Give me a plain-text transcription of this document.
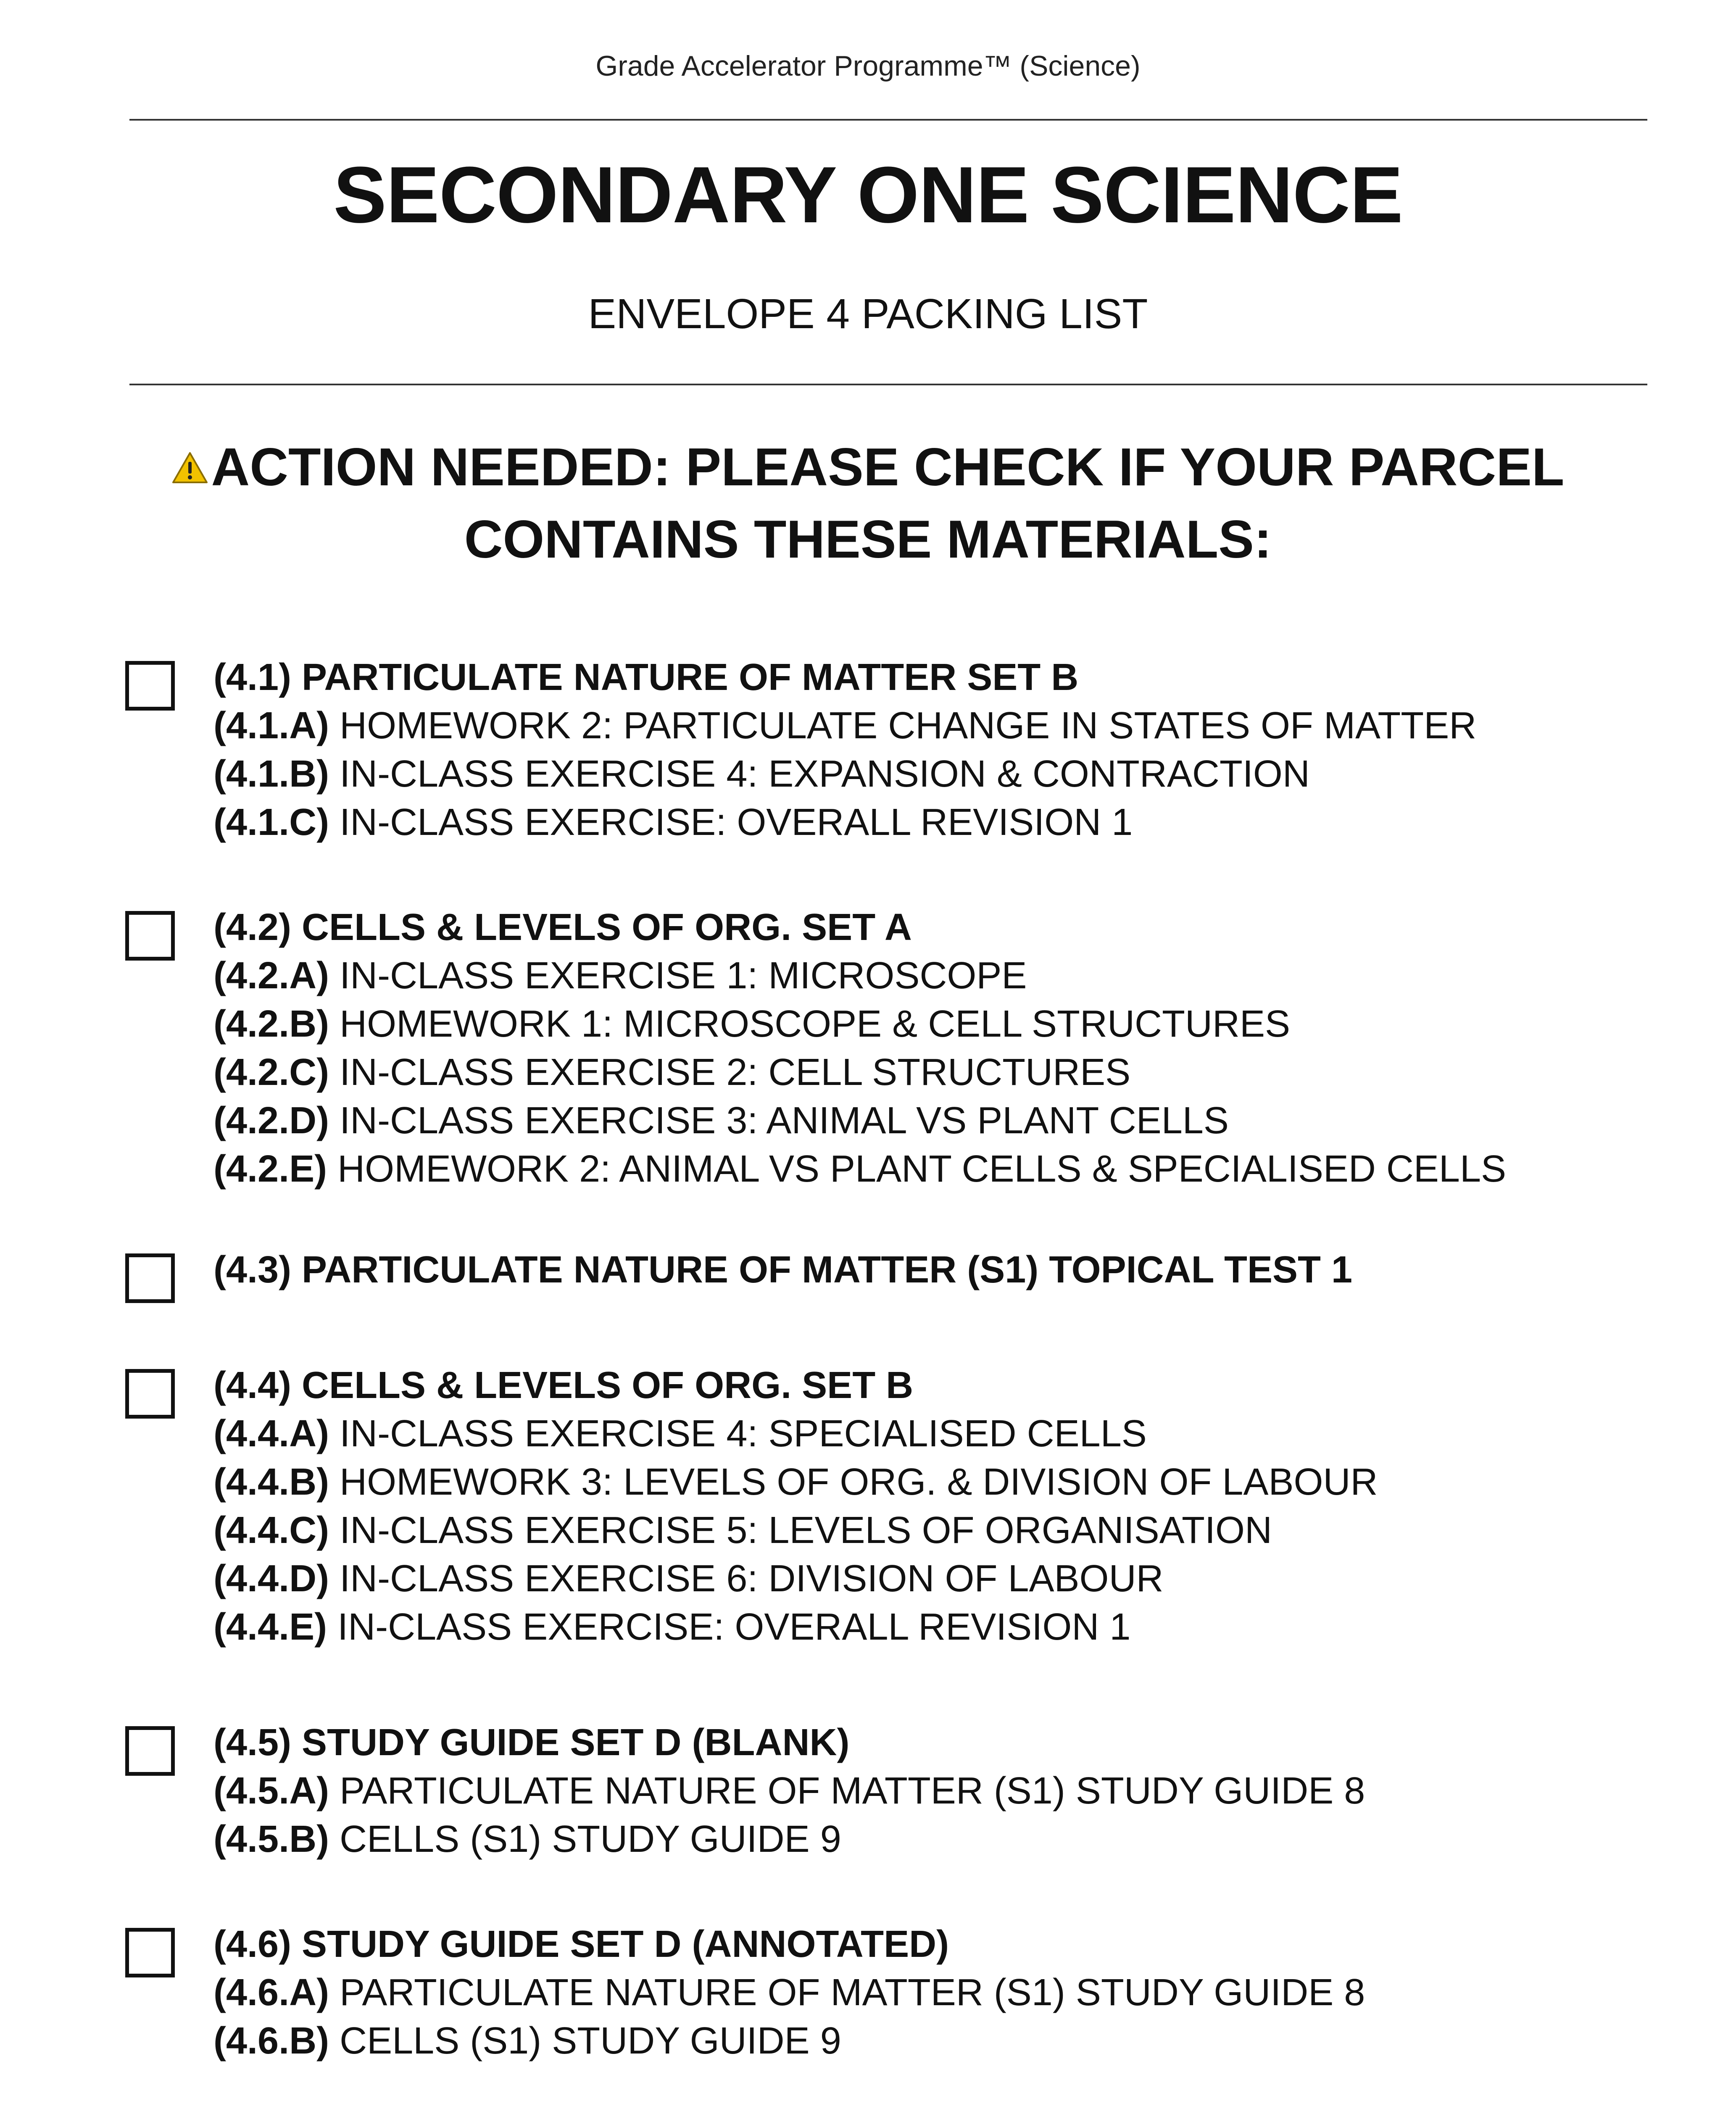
Grade Accelerator Programme™ (Science)
SECONDARY ONE SCIENCE
ENVELOPE 4 PACKING LIST
ACTION NEEDED: PLEASE CHECK IF YOUR PARCEL
CONTAINS THESE MATERIALS:
(4.1) PARTICULATE NATURE OF MATTER SET B
(4.1.A) HOMEWORK 2: PARTICULATE CHANGE IN STATES OF MATTER
(4.1.B) IN-CLASS EXERCISE 4: EXPANSION & CONTRACTION
(4.1.C) IN-CLASS EXERCISE: OVERALL REVISION 1
(4.2) CELLS & LEVELS OF ORG. SET A
(4.2.A) IN-CLASS EXERCISE 1: MICROSCOPE
(4.2.B) HOMEWORK 1: MICROSCOPE & CELL STRUCTURES
(4.2.C) IN-CLASS EXERCISE 2: CELL STRUCTURES
(4.2.D) IN-CLASS EXERCISE 3: ANIMAL VS PLANT CELLS
(4.2.E) HOMEWORK 2: ANIMAL VS PLANT CELLS & SPECIALISED CELLS
(4.3) PARTICULATE NATURE OF MATTER (S1) TOPICAL TEST 1
(4.4) CELLS & LEVELS OF ORG. SET B
(4.4.A) IN-CLASS EXERCISE 4: SPECIALISED CELLS
(4.4.B) HOMEWORK 3: LEVELS OF ORG. & DIVISION OF LABOUR
(4.4.C) IN-CLASS EXERCISE 5: LEVELS OF ORGANISATION
(4.4.D) IN-CLASS EXERCISE 6: DIVISION OF LABOUR
(4.4.E) IN-CLASS EXERCISE: OVERALL REVISION 1
(4.5) STUDY GUIDE SET D (BLANK)
(4.5.A) PARTICULATE NATURE OF MATTER (S1) STUDY GUIDE 8
(4.5.B) CELLS (S1) STUDY GUIDE 9
(4.6) STUDY GUIDE SET D (ANNOTATED)
(4.6.A) PARTICULATE NATURE OF MATTER (S1) STUDY GUIDE 8
(4.6.B) CELLS (S1) STUDY GUIDE 9
